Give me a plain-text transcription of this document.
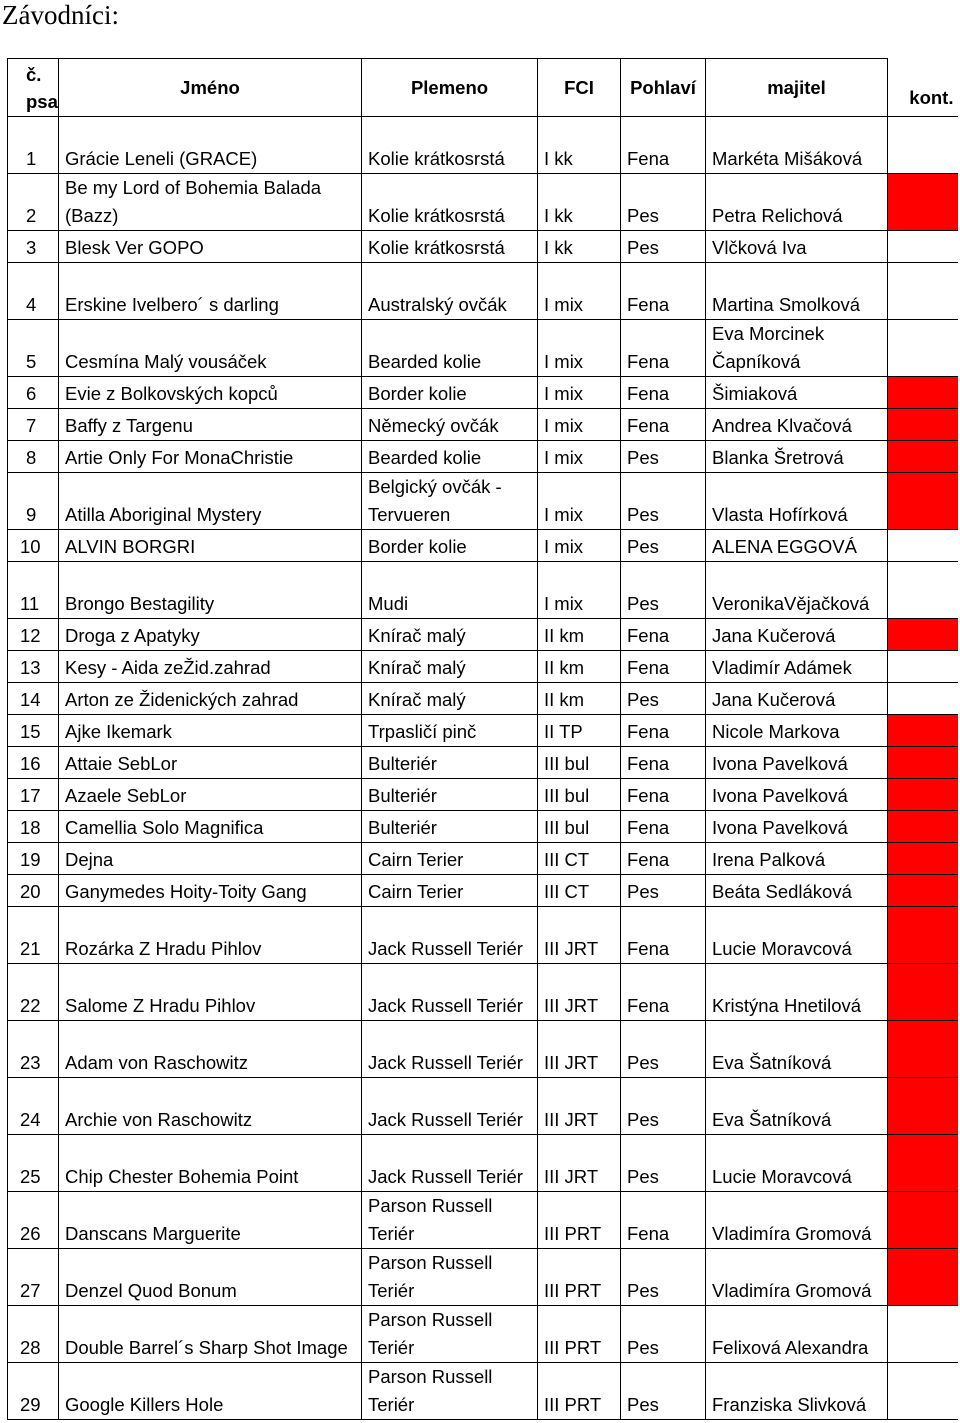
Závodníci:
č. psa	Jméno	Plemeno	FCI	Pohlaví	majitel	kont.
1	Grácie Leneli (GRACE)	Kolie krátkosrstá	I kk	Fena	Markéta Mišáková	
2	Be my Lord of Bohemia Balada (Bazz)	Kolie krátkosrstá	I kk	Pes	Petra Relichová	
3	Blesk Ver GOPO	Kolie krátkosrstá	I kk	Pes	Vlčková Iva	
4	Erskine Ivelbero´ s darling	Australský ovčák	I mix	Fena	Martina Smolková	
5	Cesmína Malý vousáček	Bearded kolie	I mix	Fena	Eva Morcinek Čapníková	
6	Evie z Bolkovských kopců	Border kolie	I mix	Fena	Šimiaková	
7	Baffy z Targenu	Německý ovčák	I mix	Fena	Andrea Klvačová	
8	Artie Only For MonaChristie	Bearded kolie	I mix	Pes	Blanka Šretrová	
9	Atilla Aboriginal Mystery	Belgický ovčák - Tervueren	I mix	Pes	Vlasta Hofírková	
10	ALVIN BORGRI	Border kolie	I mix	Pes	ALENA EGGOVÁ	
11	Brongo Bestagility	Mudi	I mix	Pes	VeronikaVějačková	
12	Droga z Apatyky	Knírač malý	II km	Fena	Jana Kučerová	
13	Kesy - Aida zeŽid.zahrad	Knírač malý	II km	Fena	Vladimír Adámek	
14	Arton ze Židenických zahrad	Knírač malý	II km	Pes	Jana Kučerová	
15	Ajke Ikemark	Trpasličí pinč	II TP	Fena	Nicole Markova	
16	Attaie SebLor	Bulteriér	III bul	Fena	Ivona Pavelková	
17	Azaele SebLor	Bulteriér	III bul	Fena	Ivona Pavelková	
18	Camellia Solo Magnifica	Bulteriér	III bul	Fena	Ivona Pavelková	
19	Dejna	Cairn Terier	III CT	Fena	Irena Palková	
20	Ganymedes Hoity-Toity Gang	Cairn Terier	III CT	Pes	Beáta Sedláková	
21	Rozárka Z Hradu Pihlov	Jack Russell Teriér	III JRT	Fena	Lucie Moravcová	
22	Salome Z Hradu Pihlov	Jack Russell Teriér	III JRT	Fena	Kristýna Hnetilová	
23	Adam von Raschowitz	Jack Russell Teriér	III JRT	Pes	Eva Šatníková	
24	Archie von Raschowitz	Jack Russell Teriér	III JRT	Pes	Eva Šatníková	
25	Chip Chester Bohemia Point	Jack Russell Teriér	III JRT	Pes	Lucie Moravcová	
26	Danscans Marguerite	Parson Russell Teriér	III PRT	Fena	Vladimíra Gromová	
27	Denzel Quod Bonum	Parson Russell Teriér	III PRT	Pes	Vladimíra Gromová	
28	Double Barrel´s Sharp Shot Image	Parson Russell Teriér	III PRT	Pes	Felixová Alexandra	
29	Google Killers Hole	Parson Russell Teriér	III PRT	Pes	Franziska Slivková	
